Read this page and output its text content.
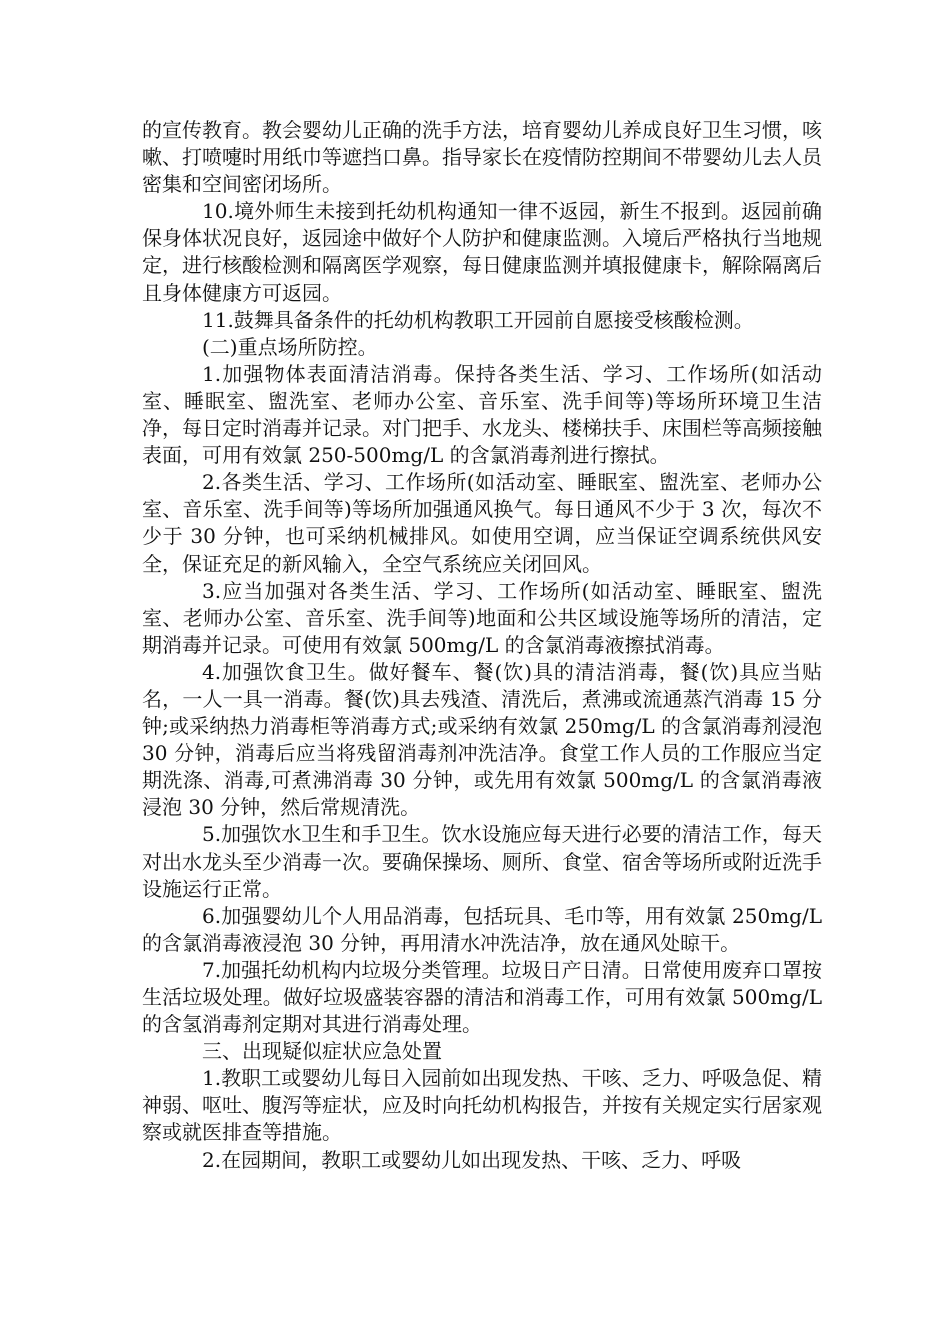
的宣传教育。教会婴幼儿正确的洗手方法，培育婴幼儿养成良好卫生习惯，咳嗽、打喷嚏时用纸巾等遮挡口鼻。指导家长在疫情防控期间不带婴幼儿去人员密集和空间密闭场所。

10.境外师生未接到托幼机构通知一律不返园，新生不报到。返园前确保身体状况良好，返园途中做好个人防护和健康监测。入境后严格执行当地规定，进行核酸检测和隔离医学观察，每日健康监测并填报健康卡，解除隔离后且身体健康方可返园。

11.鼓舞具备条件的托幼机构教职工开园前自愿接受核酸检测。

(二)重点场所防控。

1.加强物体表面清洁消毒。保持各类生活、学习、工作场所(如活动室、睡眠室、盥洗室、老师办公室、音乐室、洗手间等)等场所环境卫生洁净，每日定时消毒并记录。对门把手、水龙头、楼梯扶手、床围栏等高频接触表面，可用有效氯 250-500mg/L 的含氯消毒剂进行擦拭。

2.各类生活、学习、工作场所(如活动室、睡眠室、盥洗室、老师办公室、音乐室、洗手间等)等场所加强通风换气。每日通风不少于 3 次，每次不少于 30 分钟，也可采纳机械排风。如使用空调，应当保证空调系统供风安全，保证充足的新风输入，全空气系统应关闭回风。

3.应当加强对各类生活、学习、工作场所(如活动室、睡眠室、盥洗室、老师办公室、音乐室、洗手间等)地面和公共区域设施等场所的清洁，定期消毒并记录。可使用有效氯 500mg/L 的含氯消毒液擦拭消毒。

4.加强饮食卫生。做好餐车、餐(饮)具的清洁消毒，餐(饮)具应当贴名，一人一具一消毒。餐(饮)具去残渣、清洗后，煮沸或流通蒸汽消毒 15 分钟;或采纳热力消毒柜等消毒方式;或采纳有效氯 250mg/L 的含氯消毒剂浸泡 30 分钟，消毒后应当将残留消毒剂冲洗洁净。食堂工作人员的工作服应当定期洗涤、消毒,可煮沸消毒 30 分钟，或先用有效氯 500mg/L 的含氯消毒液浸泡 30 分钟，然后常规清洗。

5.加强饮水卫生和手卫生。饮水设施应每天进行必要的清洁工作，每天对出水龙头至少消毒一次。要确保操场、厕所、食堂、宿舍等场所或附近洗手设施运行正常。

6.加强婴幼儿个人用品消毒，包括玩具、毛巾等，用有效氯 250mg/L 的含氯消毒液浸泡 30 分钟，再用清水冲洗洁净，放在通风处晾干。

7.加强托幼机构内垃圾分类管理。垃圾日产日清。日常使用废弃口罩按生活垃圾处理。做好垃圾盛装容器的清洁和消毒工作，可用有效氯 500mg/L 的含氢消毒剂定期对其进行消毒处理。

三、出现疑似症状应急处置

1.教职工或婴幼儿每日入园前如出现发热、干咳、乏力、呼吸急促、精神弱、呕吐、腹泻等症状，应及时向托幼机构报告，并按有关规定实行居家观察或就医排查等措施。

2.在园期间，教职工或婴幼儿如出现发热、干咳、乏力、呼吸
